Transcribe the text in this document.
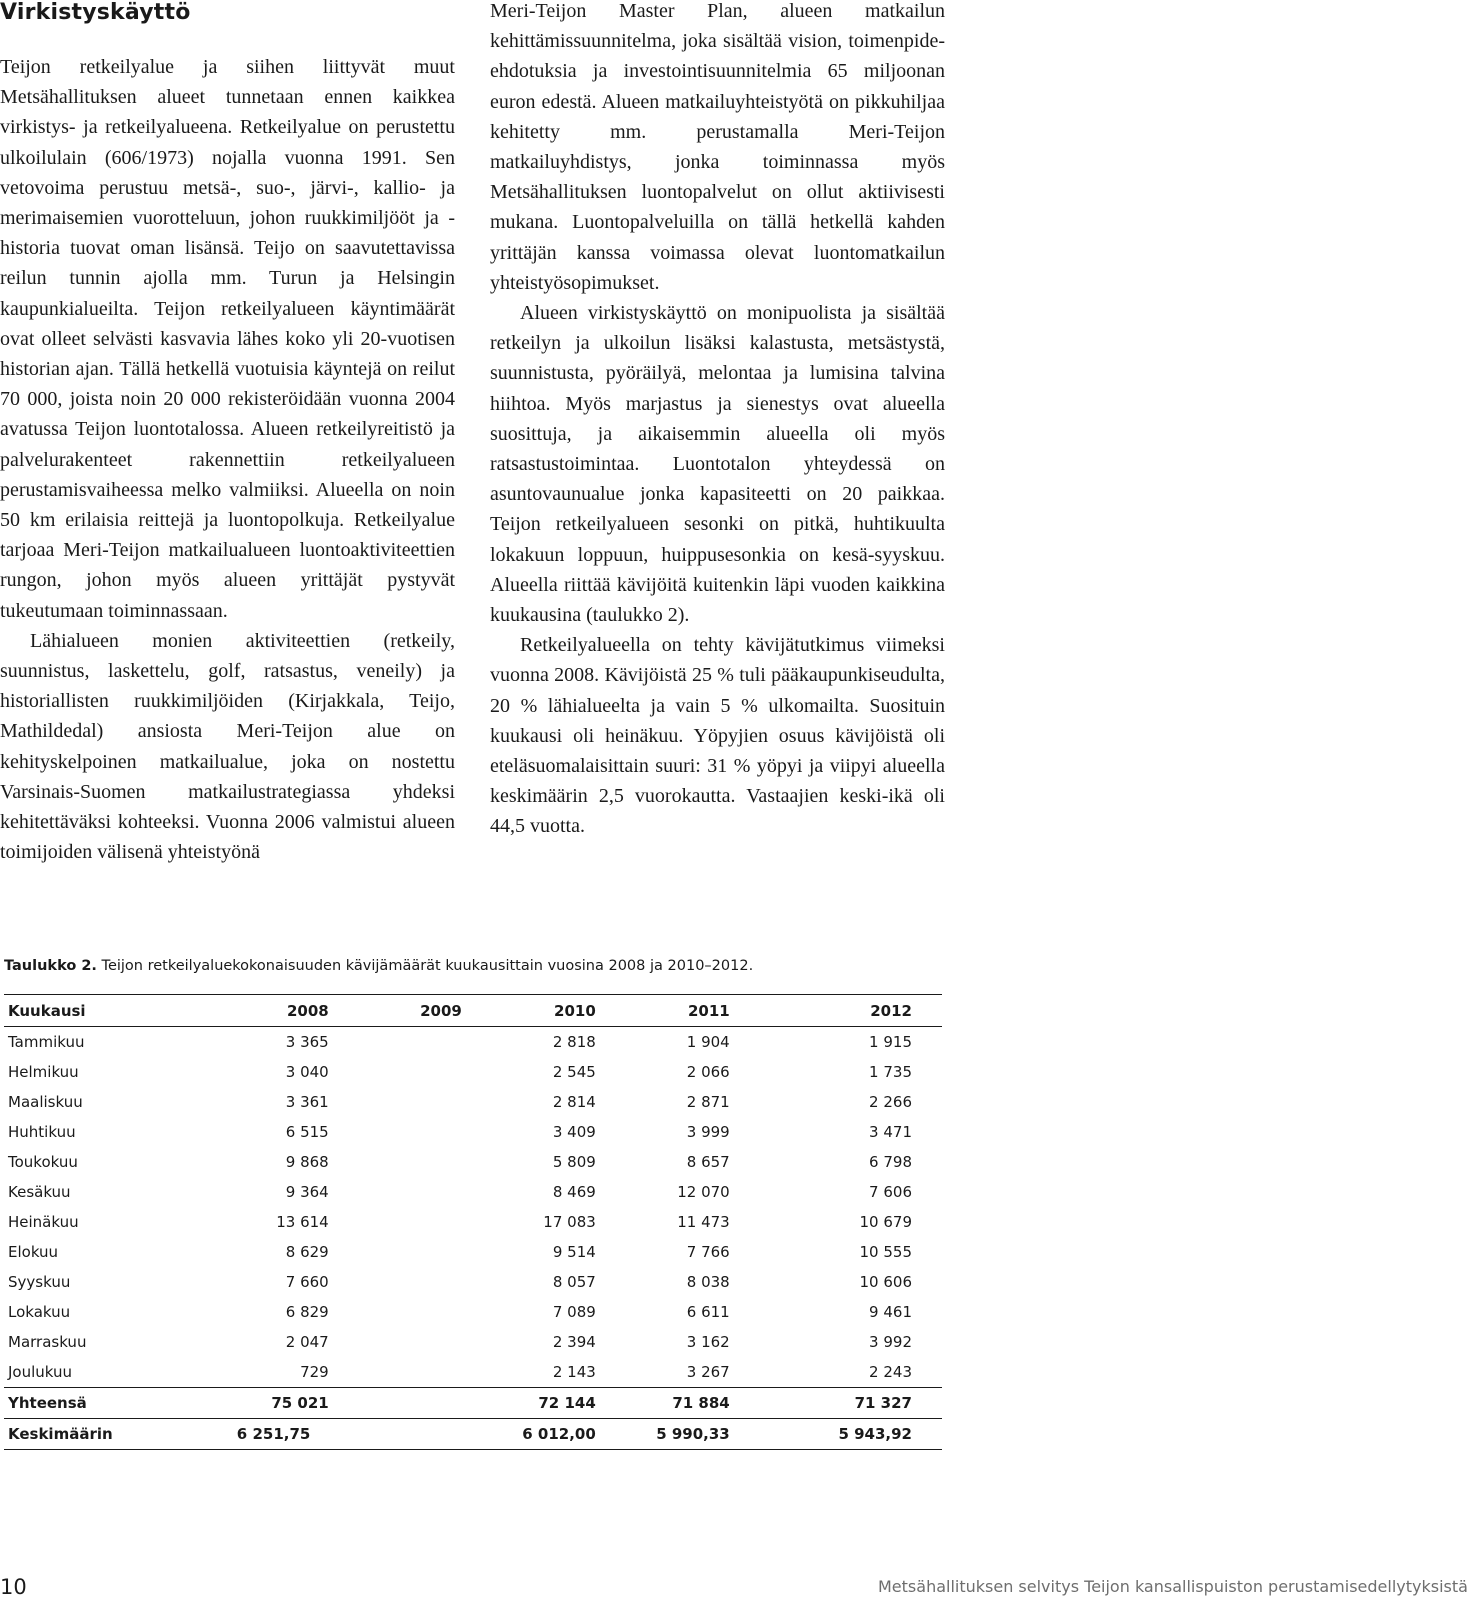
Virkistyskäyttö

Teijon retkeilyalue ja siihen liittyvät muut Metsähallituksen alueet tunnetaan ennen kaikkea virkistys- ja retkeilyalueena. Retkeilyalue on perustettu ulkoilulain (606/1973) nojalla vuonna 1991. Sen vetovoima perustuu metsä-, suo-, järvi-, kallio- ja merimaisemien vuorotteluun, johon ruukkimiljööt ja -historia tuovat oman lisänsä. Teijo on saavutettavissa reilun tunnin ajolla mm. Turun ja Helsingin kaupunkialueilta. Teijon retkeilyalueen käyntimäärät ovat olleet selvästi kasvavia lähes koko yli 20-vuotisen historian ajan. Tällä hetkellä vuotuisia käyntejä on reilut 70 000, joista noin 20 000 rekisteröidään vuonna 2004 avatussa Teijon luontotalossa. Alueen retkeilyreitistö ja palvelurakenteet rakennettiin retkeilyalueen perustamisvaiheessa melko valmiiksi. Alueella on noin 50 km erilaisia reittejä ja luontopolkuja. Retkeilyalue tarjoaa Meri-Teijon matkailualueen luontoaktiviteettien rungon, johon myös alueen yrittäjät pystyvät tukeutumaan toiminnassaan.

Lähialueen monien aktiviteettien (retkeily, suunnistus, laskettelu, golf, ratsastus, veneily) ja historiallisten ruukkimiljöiden (Kirjakkala, Teijo, Mathildedal) ansiosta Meri-Teijon alue on kehityskelpoinen matkailualue, joka on nostettu Varsinais-Suomen matkailustrategiassa yhdeksi kehitettäväksi kohteeksi. Vuonna 2006 valmistui alueen toimijoiden välisenä yhteistyönä

Meri-Teijon Master Plan, alueen matkailun kehittämissuunnitelma, joka sisältää vision, toimenpide-ehdotuksia ja investointisuunnitelmia 65 miljoonan euron edestä. Alueen matkailuyhteistyötä on pikkuhiljaa kehitetty mm. perustamalla Meri-Teijon matkailuyhdistys, jonka toiminnassa myös Metsähallituksen luontopalvelut on ollut aktiivisesti mukana. Luontopalveluilla on tällä hetkellä kahden yrittäjän kanssa voimassa olevat luontomatkailun yhteistyösopimukset.

Alueen virkistyskäyttö on monipuolista ja sisältää retkeilyn ja ulkoilun lisäksi kalastusta, metsästystä, suunnistusta, pyöräilyä, melontaa ja lumisina talvina hiihtoa. Myös marjastus ja sienestys ovat alueella suosittuja, ja aikaisemmin alueella oli myös ratsastustoimintaa. Luontotalon yhteydessä on asuntovaunualue jonka kapasiteetti on 20 paikkaa. Teijon retkeilyalueen sesonki on pitkä, huhtikuulta lokakuun loppuun, huippusesonkia on kesä-syyskuu. Alueella riittää kävijöitä kuitenkin läpi vuoden kaikkina kuukausina (taulukko 2).

Retkeilyalueella on tehty kävijätutkimus viimeksi vuonna 2008. Kävijöistä 25 % tuli pääkaupunkiseudulta, 20 % lähialueelta ja vain 5 % ulkomailta. Suosituin kuukausi oli heinäkuu. Yöpyjien osuus kävijöistä oli eteläsuomalaisittain suuri: 31 % yöpyi ja viipyi alueella keskimäärin 2,5 vuorokautta. Vastaajien keski-ikä oli 44,5 vuotta.

Taulukko 2. Teijon retkeilyaluekokonaisuuden kävijämäärät kuukausittain vuosina 2008 ja 2010–2012.
Kuukausi	2008	2009	2010	2011	2012
Tammikuu	3 365		2 818	1 904	1 915
Helmikuu	3 040		2 545	2 066	1 735
Maaliskuu	3 361		2 814	2 871	2 266
Huhtikuu	6 515		3 409	3 999	3 471
Toukokuu	9 868		5 809	8 657	6 798
Kesäkuu	9 364		8 469	12 070	7 606
Heinäkuu	13 614		17 083	11 473	10 679
Elokuu	8 629		9 514	7 766	10 555
Syyskuu	7 660		8 057	8 038	10 606
Lokakuu	6 829		7 089	6 611	9 461
Marraskuu	2 047		2 394	3 162	3 992
Joulukuu	729		2 143	3 267	2 243
Yhteensä	75 021		72 144	71 884	71 327
Keskimäärin	6 251,75		6 012,00	5 990,33	5 943,92
10	Metsähallituksen selvitys Teijon kansallispuiston perustamisedellytyksistä
